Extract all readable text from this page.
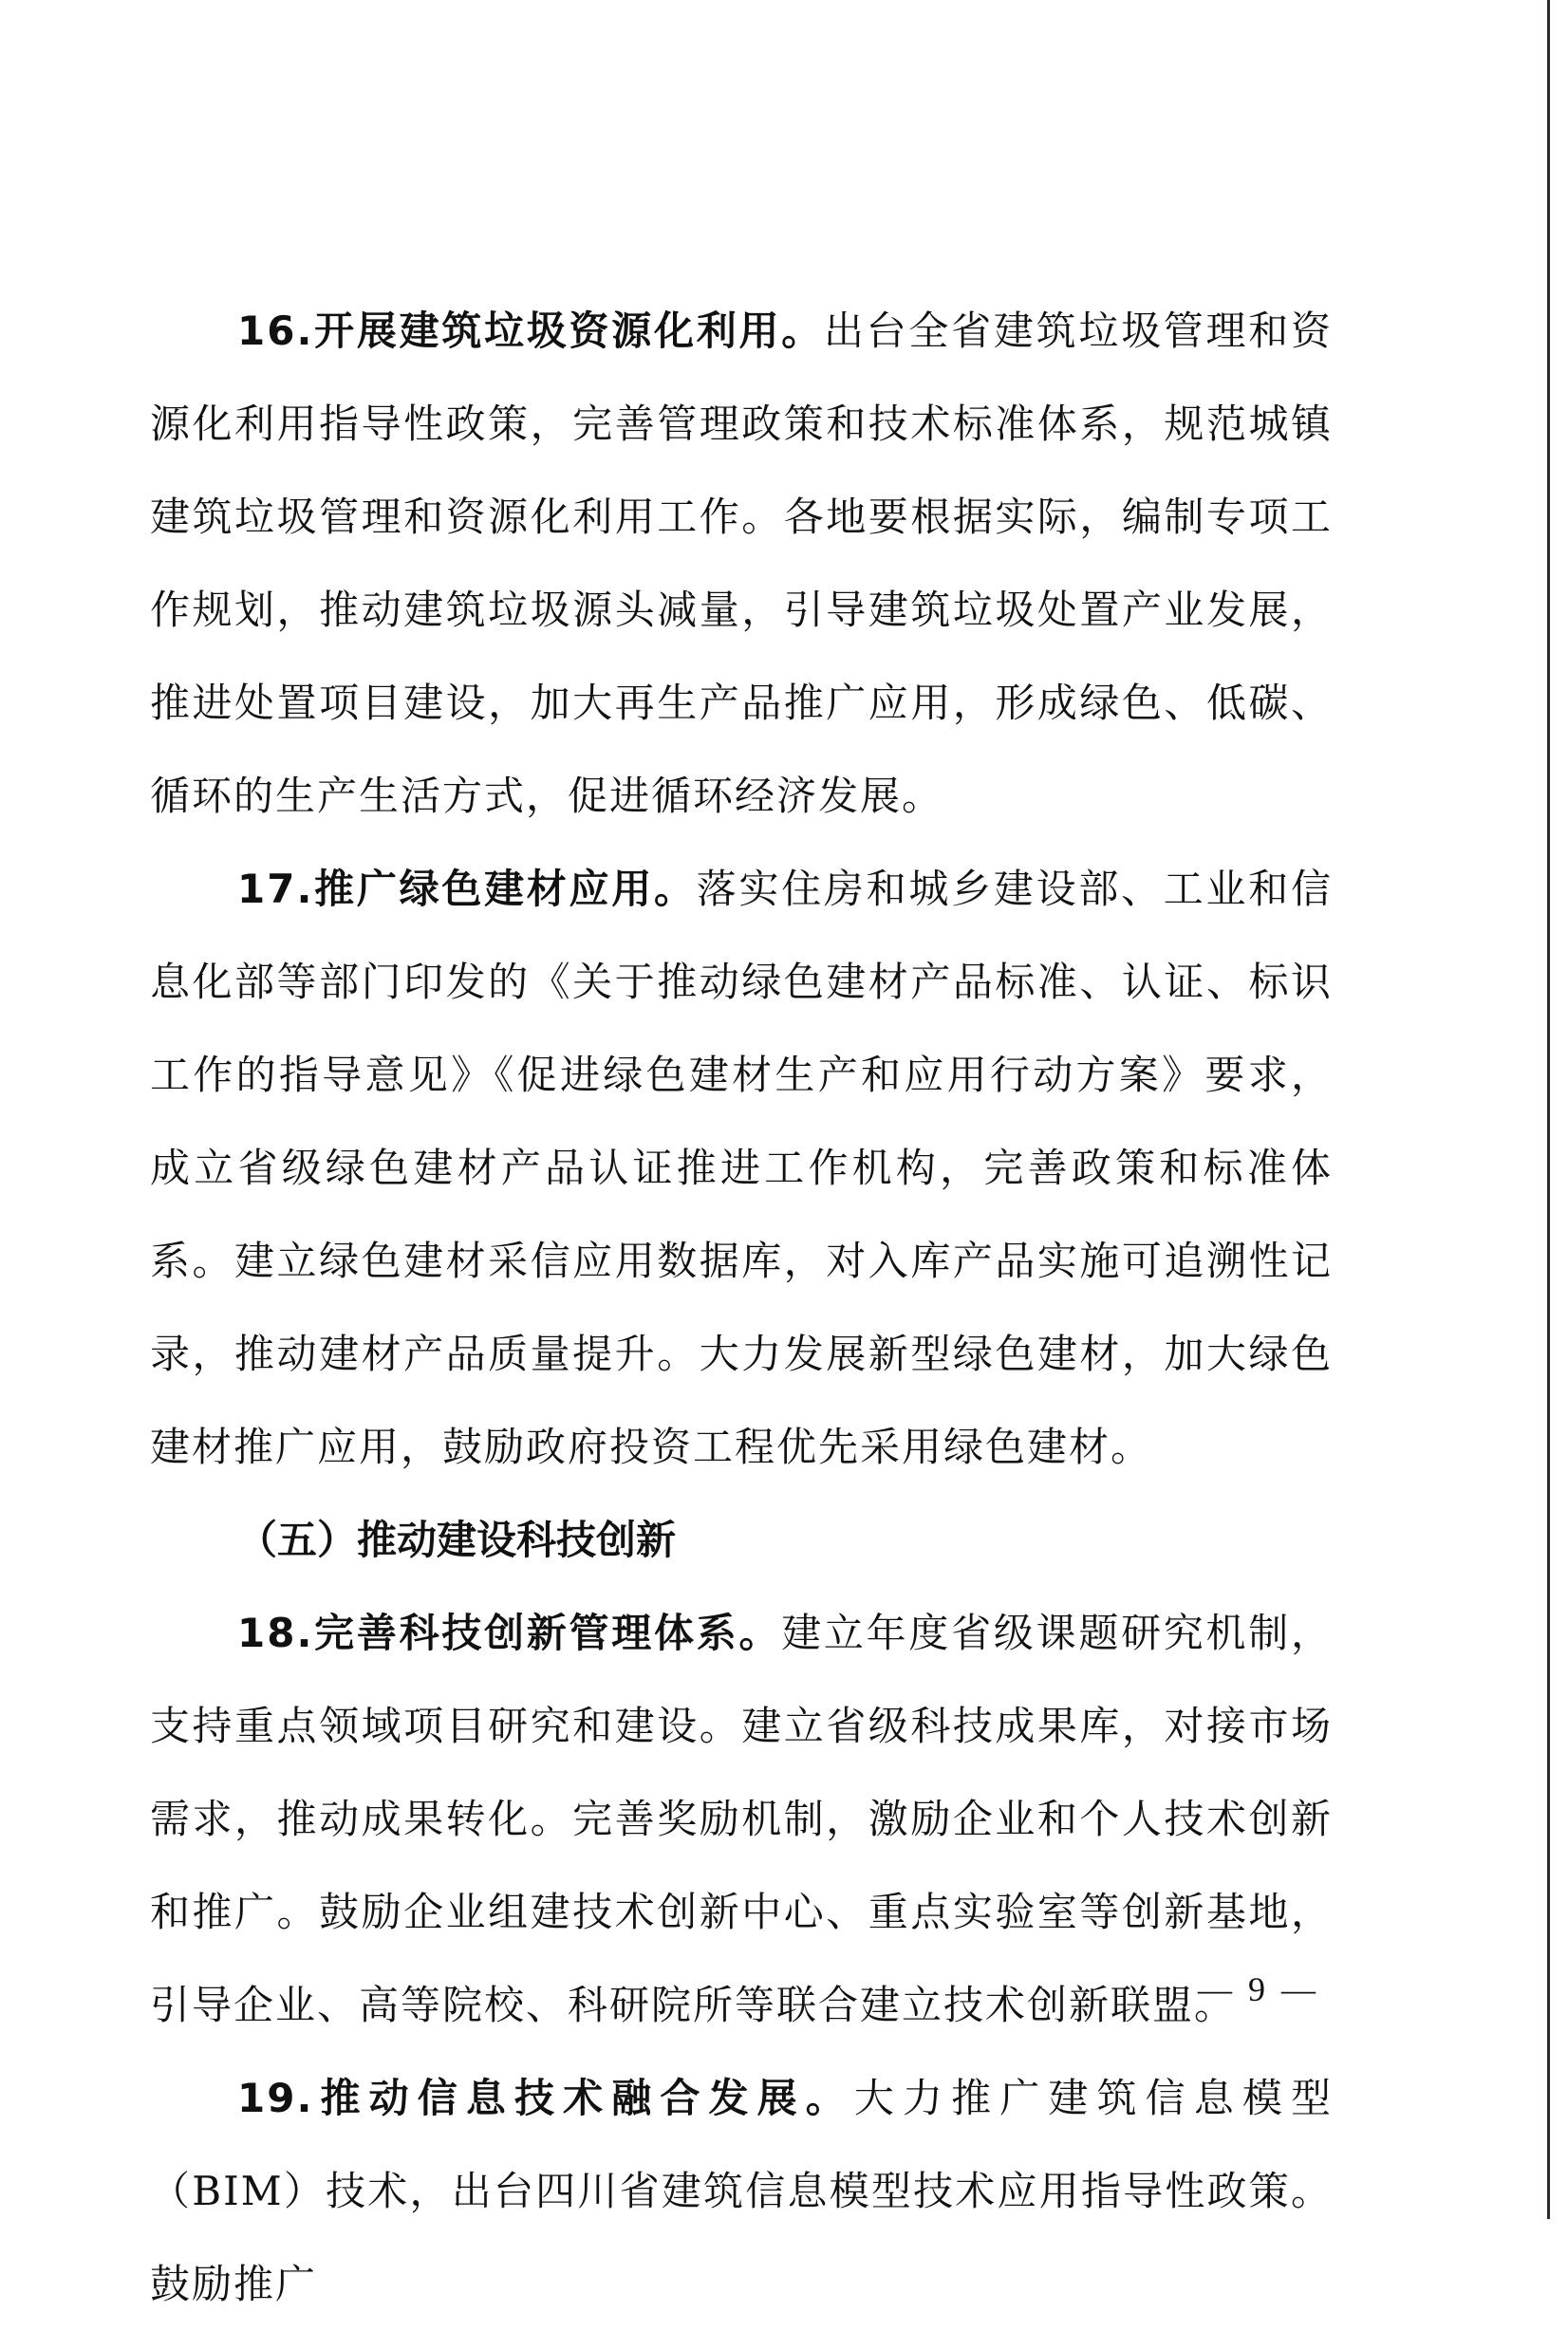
16.开展建筑垃圾资源化利用。出台全省建筑垃圾管理和资源化利用指导性政策，完善管理政策和技术标准体系，规范城镇建筑垃圾管理和资源化利用工作。各地要根据实际，编制专项工作规划，推动建筑垃圾源头减量，引导建筑垃圾处置产业发展，推进处置项目建设，加大再生产品推广应用，形成绿色、低碳、循环的生产生活方式，促进循环经济发展。

17.推广绿色建材应用。落实住房和城乡建设部、工业和信息化部等部门印发的《关于推动绿色建材产品标准、认证、标识工作的指导意见》《促进绿色建材生产和应用行动方案》要求，成立省级绿色建材产品认证推进工作机构，完善政策和标准体系。建立绿色建材采信应用数据库，对入库产品实施可追溯性记录，推动建材产品质量提升。大力发展新型绿色建材，加大绿色建材推广应用，鼓励政府投资工程优先采用绿色建材。

（五）推动建设科技创新

18.完善科技创新管理体系。建立年度省级课题研究机制，支持重点领域项目研究和建设。建立省级科技成果库，对接市场需求，推动成果转化。完善奖励机制，激励企业和个人技术创新和推广。鼓励企业组建技术创新中心、重点实验室等创新基地，引导企业、高等院校、科研院所等联合建立技术创新联盟。

19.推动信息技术融合发展。大力推广建筑信息模型（BIM）技术，出台四川省建筑信息模型技术应用指导性政策。鼓励推广

— 9 —
